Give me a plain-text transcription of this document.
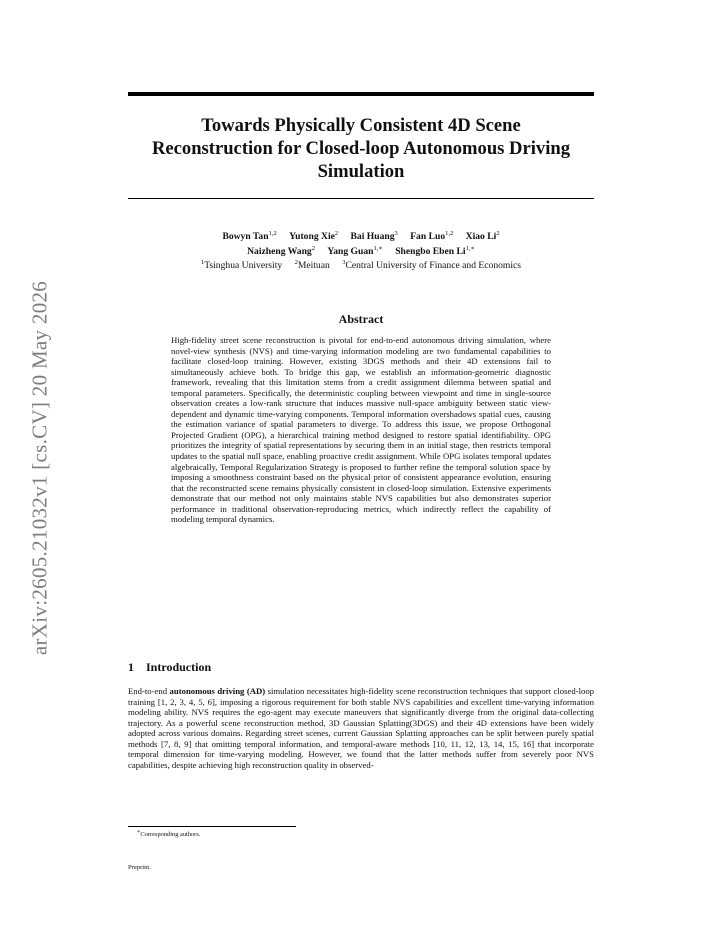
arXiv:2605.21032v1 [cs.CV] 20 May 2026
Towards Physically Consistent 4D Scene
Reconstruction for Closed-loop Autonomous Driving
Simulation
Bowyn Tan$^{1,2}$ Yutong Xie$^2$ Bai Huang$^3$ Fan Luo$^{1,2}$ Xiao Li$^2$
Naizheng Wang$^2$ Yang Guan$^{1,∗}$ Shengbo Eben $Li^{1,∗}$
$^1$Tsinghua University $^2$Meituan $^3$Central University of Finance and Economics
Abstract

High-fidelity street scene reconstruction is pivotal for end-to-end autonomous driving simulation, where novel-view synthesis (NVS) and time-varying information modeling are two fundamental capabilities to facilitate closed-loop training. However, existing 3DGS methods and their 4D extensions fail to simultaneously achieve both. To bridge this gap, we establish an information-geometric diagnostic framework, revealing that this limitation stems from a credit assignment dilemma between spatial and temporal parameters. Specifically, the deterministic coupling between viewpoint and time in single-source observation creates a low-rank structure that induces massive null-space ambiguity between static view-dependent and dynamic time-varying components. Temporal information overshadows spatial cues, causing the estimation variance of spatial parameters to diverge. To address this issue, we propose Orthogonal Projected Gradient (OPG), a hierarchical training method designed to restore spatial identifiability. OPG prioritizes the integrity of spatial representations by securing them in an initial stage, then restricts temporal updates to the spatial null space, enabling proactive credit assignment. While OPG isolates temporal updates algebraically, Temporal Regularization Strategy is proposed to further refine the temporal solution space by imposing a smoothness constraint based on the physical prior of consistent appearance evolution, ensuring that the reconstructed scene remains physically consistent in closed-loop simulation. Extensive experiments demonstrate that our method not only maintains stable NVS capabilities but also demonstrates superior performance in traditional observation-reproducing metrics, which indirectly reflect the capability of modeling temporal dynamics.

1 Introduction

End-to-end autonomous driving (AD) simulation necessitates high-fidelity scene reconstruction techniques that support closed-loop training [1, 2, 3, 4, 5, 6], imposing a rigorous requirement for both stable NVS capabilities and excellent time-varying information modeling ability. NVS requires the ego-agent may execute maneuvers that significantly diverge from the original data-collecting trajectory. As a powerful scene reconstruction method, 3D Gaussian Splatting(3DGS) and their 4D extensions have been widely adopted across various domains. Regarding street scenes, current Gaussian Splatting approaches can be split between purely spatial methods [7, 8, 9] that omitting temporal information, and temporal-aware methods [10, 11, 12, 13, 14, 15, 16] that incorporate temporal dimension for time-varying modeling. However, we found that the latter methods suffer from severely poor NVS capabilities, despite achieving high reconstruction quality in observed-

∗Corresponding authors.
Preprint.
